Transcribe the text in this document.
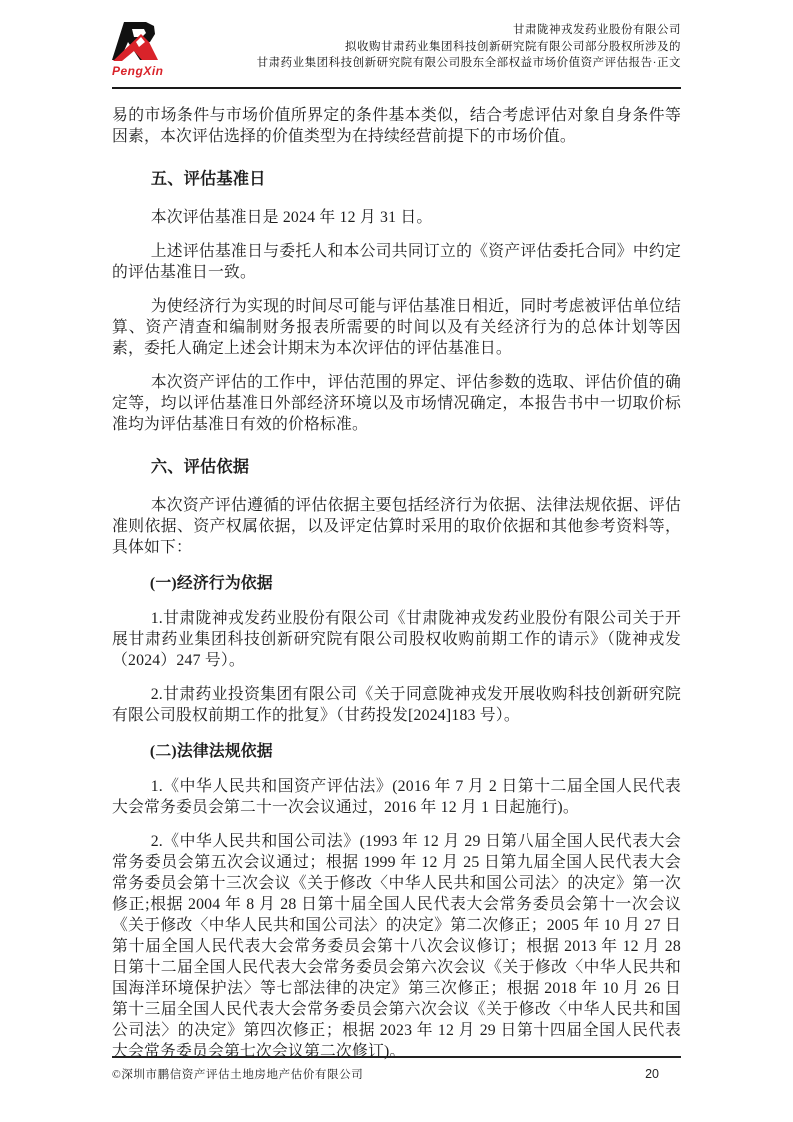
PengXin
甘肃陇神戎发药业股份有限公司
拟收购甘肃药业集团科技创新研究院有限公司部分股权所涉及的
甘肃药业集团科技创新研究院有限公司股东全部权益市场价值资产评估报告·正文

易的市场条件与市场价值所界定的条件基本类似，结合考虑评估对象自身条件等因素，本次评估选择的价值类型为在持续经营前提下的市场价值。

五、评估基准日

本次评估基准日是 2024 年 12 月 31 日。

上述评估基准日与委托人和本公司共同订立的《资产评估委托合同》中约定的评估基准日一致。

为使经济行为实现的时间尽可能与评估基准日相近，同时考虑被评估单位结算、资产清查和编制财务报表所需要的时间以及有关经济行为的总体计划等因素，委托人确定上述会计期末为本次评估的评估基准日。

本次资产评估的工作中，评估范围的界定、评估参数的选取、评估价值的确定等，均以评估基准日外部经济环境以及市场情况确定，本报告书中一切取价标准均为评估基准日有效的价格标准。

六、评估依据

本次资产评估遵循的评估依据主要包括经济行为依据、法律法规依据、评估准则依据、资产权属依据，以及评定估算时采用的取价依据和其他参考资料等，具体如下：

(一)经济行为依据

1.甘肃陇神戎发药业股份有限公司《甘肃陇神戎发药业股份有限公司关于开展甘肃药业集团科技创新研究院有限公司股权收购前期工作的请示》（陇神戎发（2024）247 号）。

2.甘肃药业投资集团有限公司《关于同意陇神戎发开展收购科技创新研究院有限公司股权前期工作的批复》（甘药投发[2024]183 号）。

(二)法律法规依据

1.《中华人民共和国资产评估法》(2016 年 7 月 2 日第十二届全国人民代表大会常务委员会第二十一次会议通过，2016 年 12 月 1 日起施行)。

2.《中华人民共和国公司法》(1993 年 12 月 29 日第八届全国人民代表大会常务委员会第五次会议通过；根据 1999 年 12 月 25 日第九届全国人民代表大会常务委员会第十三次会议《关于修改〈中华人民共和国公司法〉的决定》第一次修正;根据 2004 年 8 月 28 日第十届全国人民代表大会常务委员会第十一次会议《关于修改〈中华人民共和国公司法〉的决定》第二次修正；2005 年 10 月 27 日第十届全国人民代表大会常务委员会第十八次会议修订；根据 2013 年 12 月 28 日第十二届全国人民代表大会常务委员会第六次会议《关于修改〈中华人民共和国海洋环境保护法〉等七部法律的决定》第三次修正；根据 2018 年 10 月 26 日第十三届全国人民代表大会常务委员会第六次会议《关于修改〈中华人民共和国公司法〉的决定》第四次修正；根据 2023 年 12 月 29 日第十四届全国人民代表大会常务委员会第七次会议第二次修订)。

©深圳市鹏信资产评估土地房地产估价有限公司	20
